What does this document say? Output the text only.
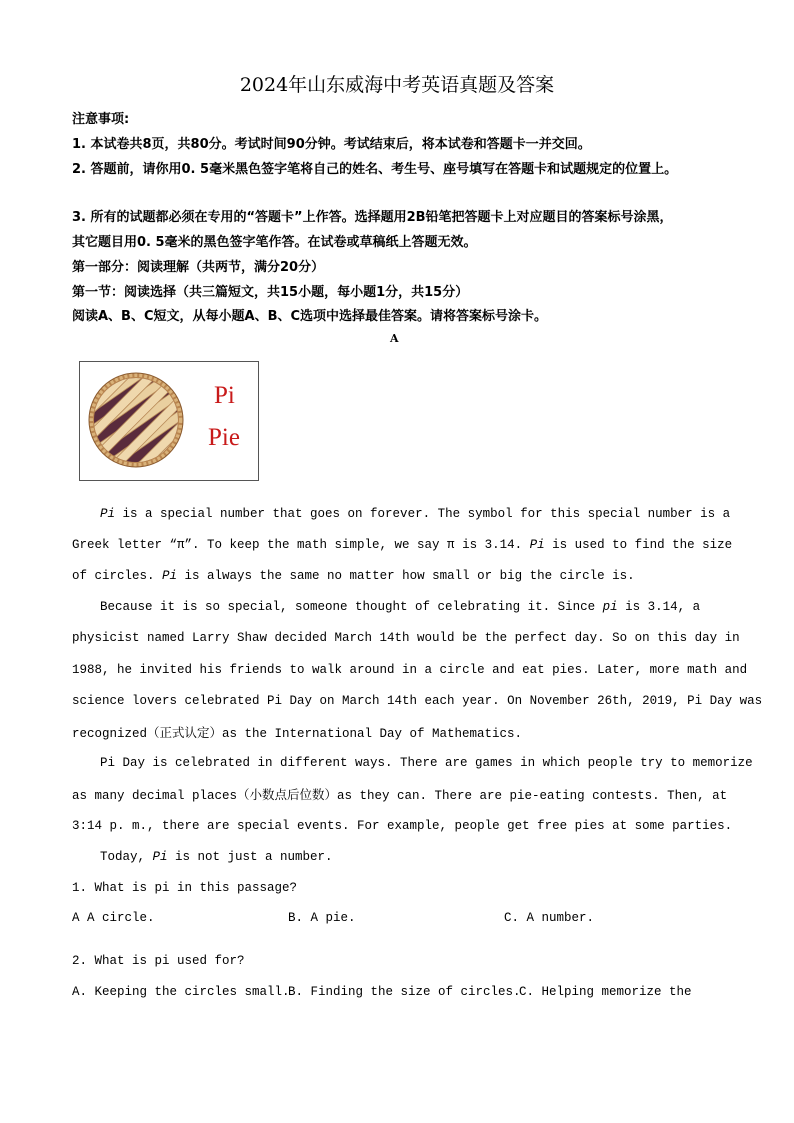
2024年山东威海中考英语真题及答案
注意事项:
1. 本试卷共8页，共80分。考试时间90分钟。考试结束后，将本试卷和答题卡一并交回。
2. 答题前，请你用0. 5毫米黑色签字笔将自己的姓名、考生号、座号填写在答题卡和试题规定的位置上。
3. 所有的试题都必须在专用的“答题卡”上作答。选择题用2B铅笔把答题卡上对应题目的答案标号涂黑，
其它题目用0. 5毫米的黑色签字笔作答。在试卷或草稿纸上答题无效。
第一部分：阅读理解（共两节，满分20分）
第一节：阅读选择（共三篇短文，共15小题，每小题1分，共15分）
阅读A、B、C短文，从每小题A、B、C选项中选择最佳答案。请将答案标号涂卡。
A
Pi
Pie
Pi is a special number that goes on forever. The symbol for this special number is a
Greek letter “π”. To keep the math simple, we say π is 3.14. Pi is used to find the size
of circles. Pi is always the same no matter how small or big the circle is.
Because it is so special, someone thought of celebrating it. Since pi is 3.14, a
physicist named Larry Shaw decided March 14th would be the perfect day. So on this day in
1988, he invited his friends to walk around in a circle and eat pies. Later, more math and
science lovers celebrated Pi Day on March 14th each year. On November 26th, 2019, Pi Day was
recognized（正式认定）as the International Day of Mathematics.
Pi Day is celebrated in different ways. There are games in which people try to memorize
as many decimal places（小数点后位数）as they can. There are pie-eating contests. Then, at
3:14 p. m., there are special events. For example, people get free pies at some parties.
Today, Pi is not just a number.
1. What is pi in this passage?
A A circle.	B. A pie.	C. A number.
2. What is pi used for?
A. Keeping the circles small.
B. Finding the size of circles.
C. Helping memorize the
